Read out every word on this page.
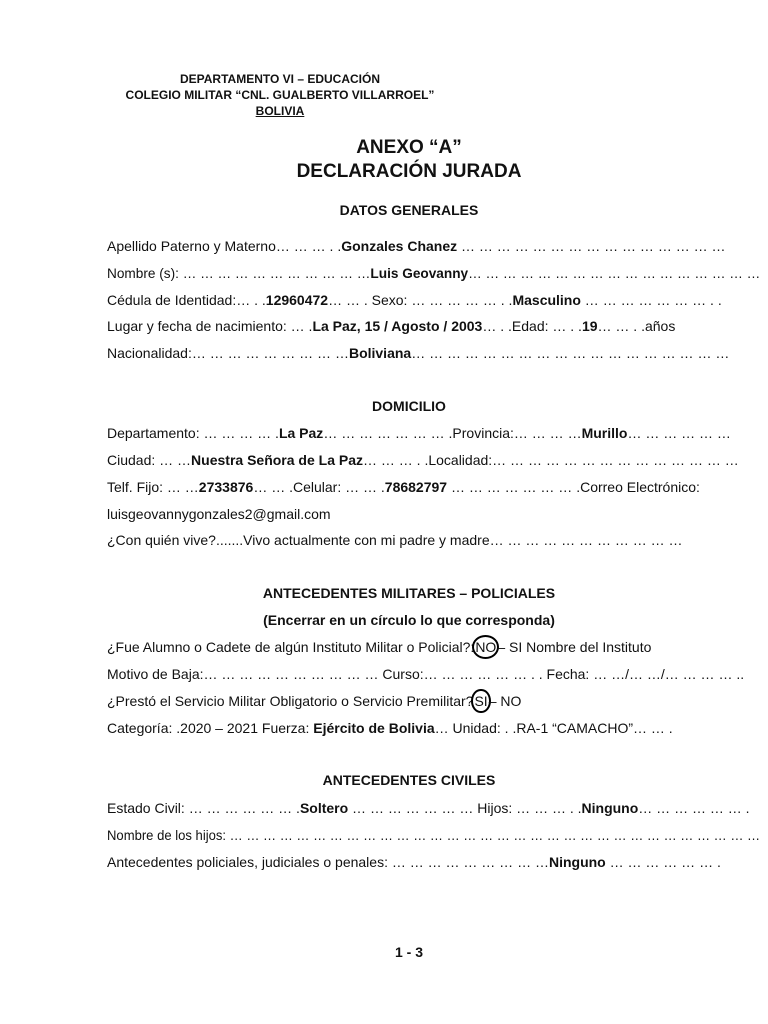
DEPARTAMENTO VI – EDUCACIÓN
COLEGIO MILITAR “CNL. GUALBERTO VILLARROEL”
BOLIVIA
ANEXO “A”
DECLARACIÓN JURADA
DATOS GENERALES
Apellido Paterno y Materno… … … . .Gonzales Chanez … … … … … … … … … … … … … … …
Nombre (s): … … … … … … … … … … …Luis Geovanny… … … … … … … … … … … … … … … … …
Cédula de Identidad:… . .12960472… … . Sexo: … … … … … . .Masculino … … … … … … … . .
Lugar y fecha de nacimiento: … .La Paz, 15 / Agosto / 2003… . .Edad: … . .19… … . .años
Nacionalidad:… … … … … … … … …Boliviana… … … … … … … … … … … … … … … … … …
DOMICILIO
Departamento: … … … … .La Paz… … … … … … … .Provincia:… … … …Murillo… … … … … …
Ciudad: … …Nuestra Señora de La Paz… … … . .Localidad:… … … … … … … … … … … … … …
Telf. Fijo: … …2733876… … .Celular: … … .78682797 … … … … … … … .Correo Electrónico:
luisgeovannygonzales2@gmail.com
¿Con quién vive?.......Vivo actualmente con mi padre y madre… … … … … … … … … … …
ANTECEDENTES MILITARES – POLICIALES
(Encerrar en un círculo lo que corresponda)
¿Fue Alumno o Cadete de algún Instituto Militar o Policial?:NO– SI Nombre del Instituto
Motivo de Baja:… … … … … … … … … … Curso:… … … … … … . . Fecha: … …/… …/… … … … ..
¿Prestó el Servicio Militar Obligatorio o Servicio Premilitar?SI– NO
Categoría: .2020 – 2021 Fuerza: Ejército de Bolivia… Unidad: . .RA-1 “CAMACHO”… … .
ANTECEDENTES CIVILES
Estado Civil: … … … … … … .Soltero … … … … … … … Hijos: … … … . .Ninguno… … … … … … .
Nombre de los hijos: … … … … … … … … … … … … … … … … … … … … … … … … … … … … … … … …
Antecedentes policiales, judiciales o penales: … … … … … … … … …Ninguno … … … … … … .
1 - 3
